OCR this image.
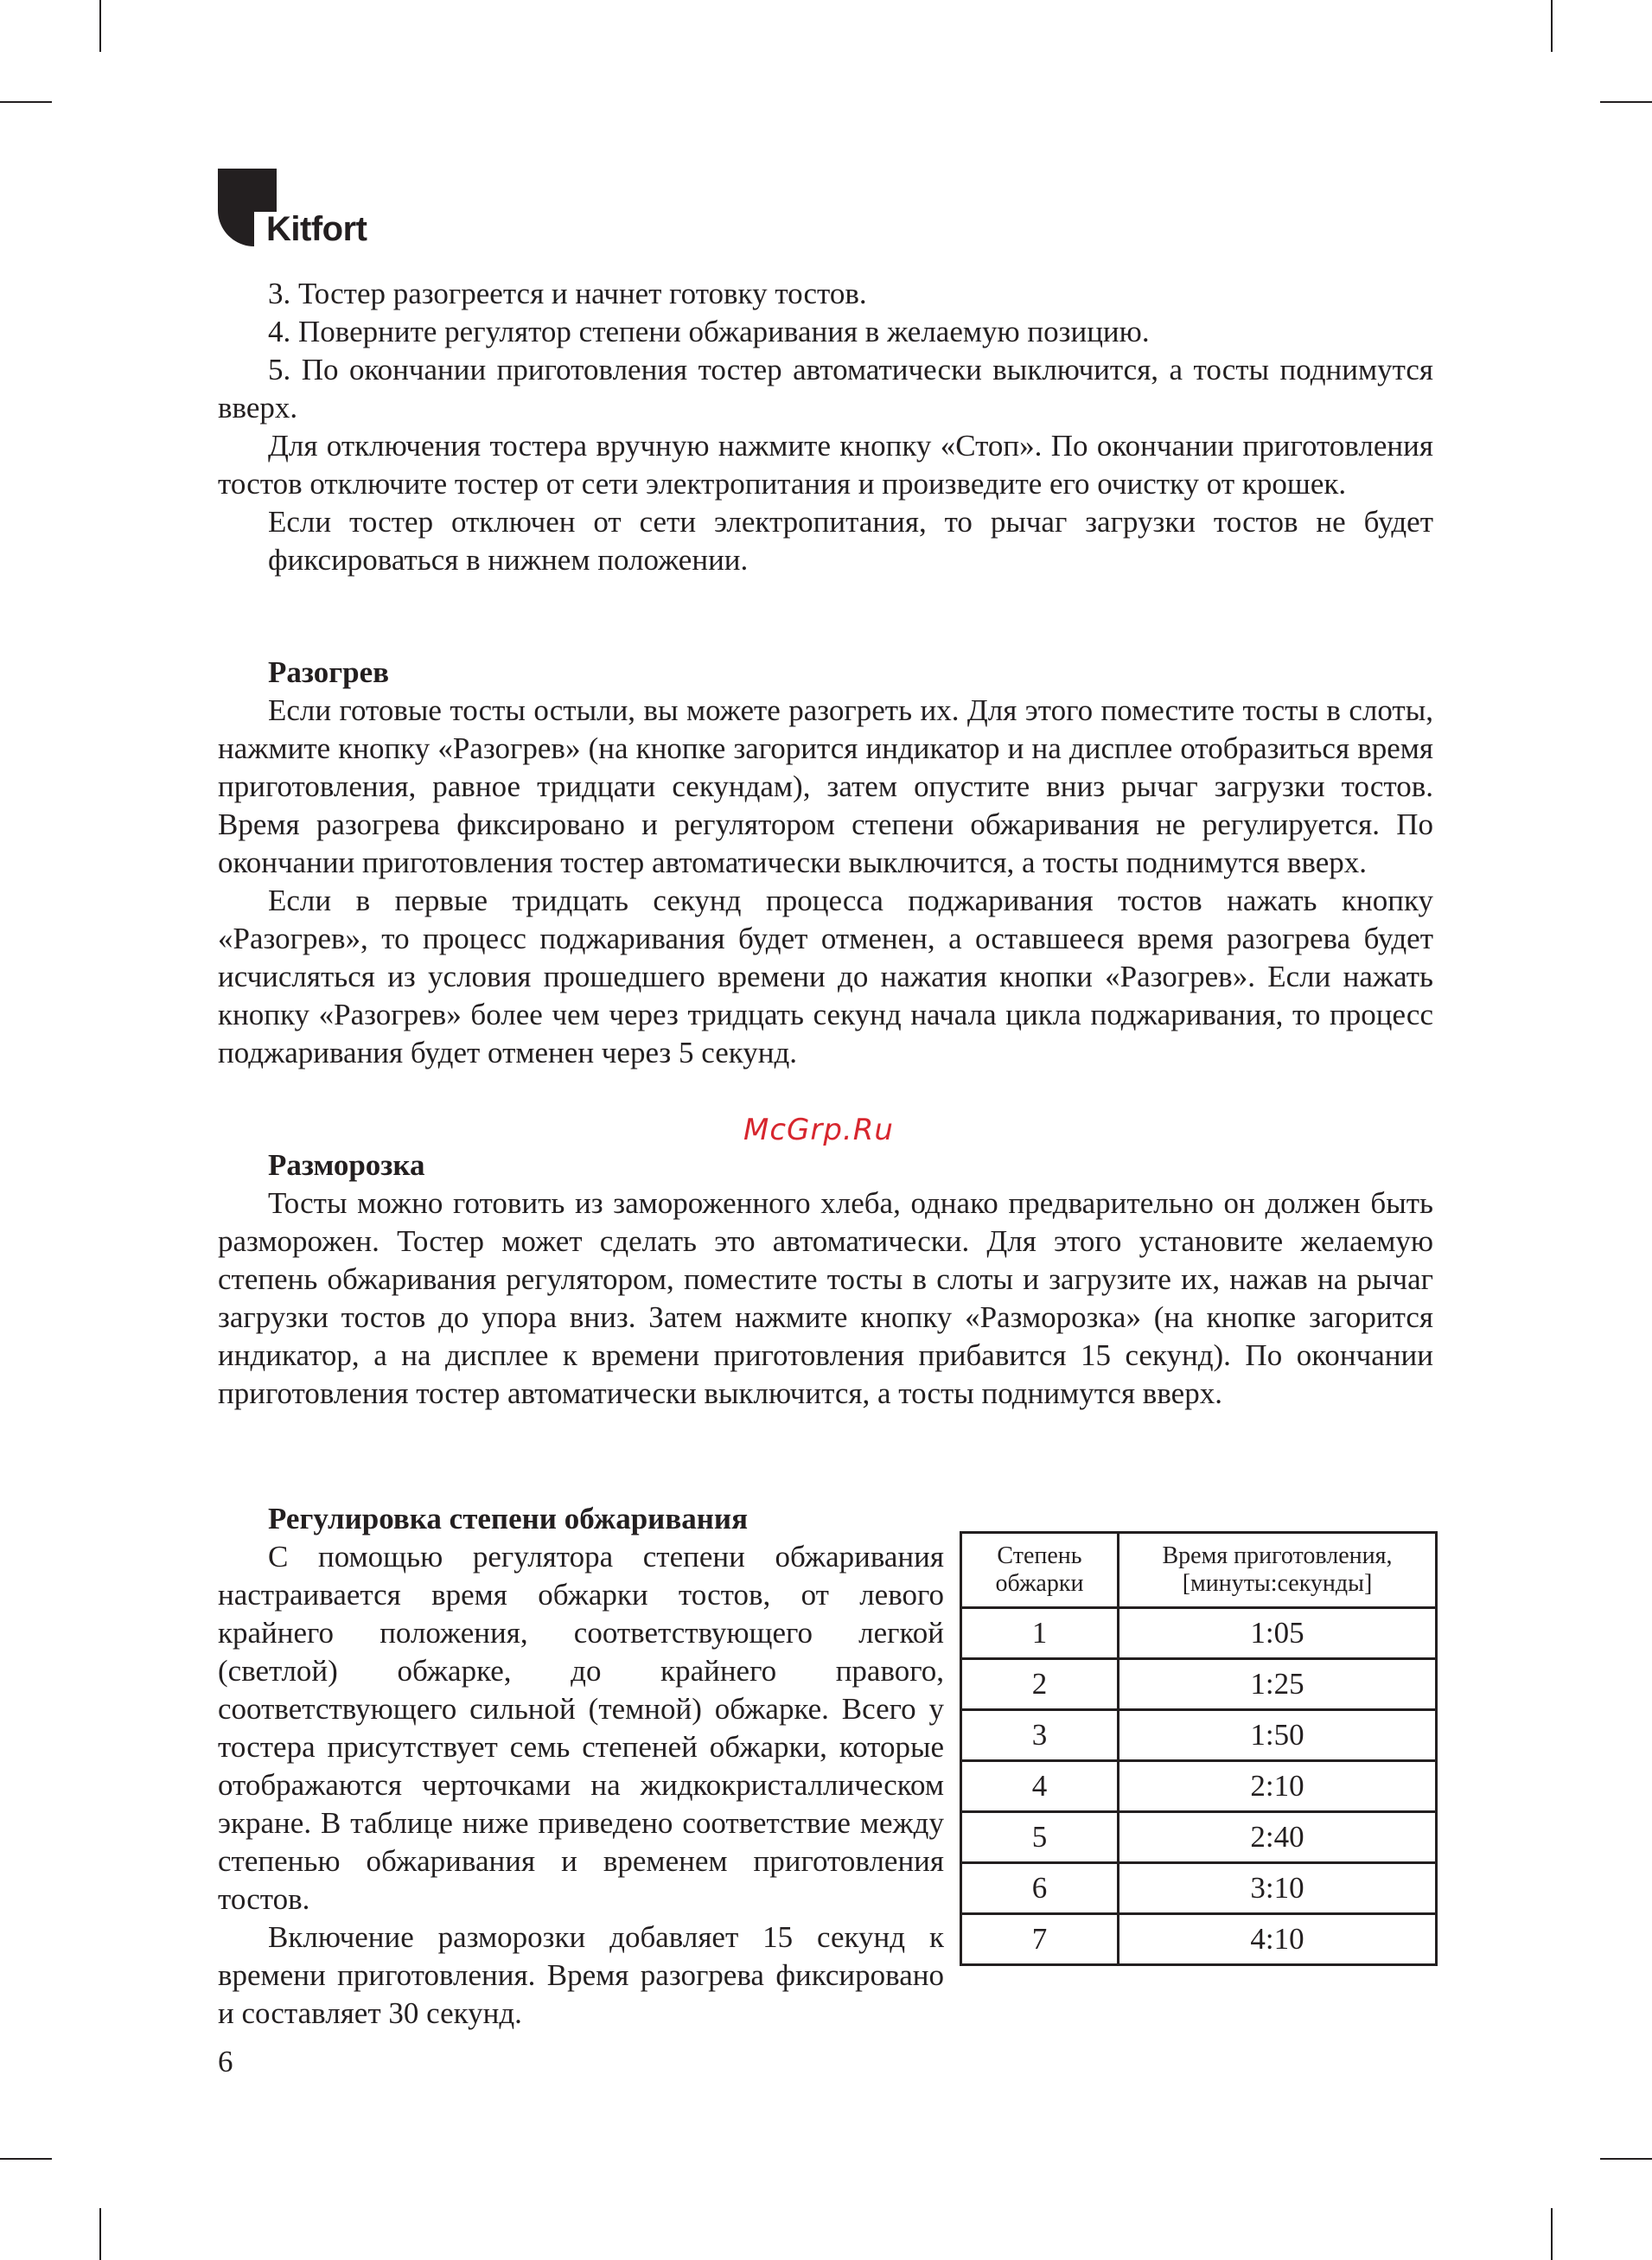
Kitfort

3. Тостер разогреется и начнет готовку тостов.

4. Поверните регулятор степени обжаривания в желаемую позицию.

5. По окончании приготовления тостер автоматически выключится, а тосты поднимутся вверх.

Для отключения тостера вручную нажмите кнопку «Стоп». По окончании приготовления тостов отключите тостер от сети электропитания и произведите его очистку от крошек.

Если тостер отключен от сети электропитания, то рычаг загрузки тостов не будет фиксироваться в нижнем положении.

Разогрев

Если готовые тосты остыли, вы можете разогреть их. Для этого поместите тосты в слоты, нажмите кнопку «Разогрев» (на кнопке загорится индикатор и на дисплее отобразиться время приготовления, равное тридцати секундам), затем опустите вниз рычаг загрузки тостов. Время разогрева фиксировано и регулятором степени обжаривания не регулируется. По окончании приготовления тостер автоматически выключится, а тосты поднимутся вверх.

Если в первые тридцать секунд процесса поджаривания тостов нажать кнопку «Разогрев», то процесс поджаривания будет отменен, а оставшееся время разогрева будет исчисляться из условия прошедшего времени до нажатия кнопки «Разогрев». Если нажать кнопку «Разогрев» более чем через тридцать секунд начала цикла поджаривания, то процесс поджаривания будет отменен через 5 секунд.

McGrp.Ru
Разморозка

Тосты можно готовить из замороженного хлеба, однако предварительно он должен быть разморожен. Тостер может сделать это автоматически. Для этого установите желаемую степень обжаривания регулятором, поместите тосты в слоты и загрузите их, нажав на рычаг загрузки тостов до упора вниз. Затем нажмите кнопку «Разморозка» (на кнопке загорится индикатор, а на дисплее к времени приготовления прибавится 15 секунд). По окончании приготовления тостер автоматически выключится, а тосты поднимутся вверх.

Регулировка степени обжаривания

С помощью регулятора степени обжаривания настраивается время обжарки тостов, от левого крайнего положения, соответствующего легкой (светлой) обжарке, до крайнего правого, соответствующего сильной (темной) обжарке. Всего у тостера присутствует семь степеней обжарки, которые отображаются черточками на жидкокристаллическом экране. В таблице ниже приведено соответствие между степенью обжаривания и временем приготовления тостов.

Включение разморозки добавляет 15 секунд к времени приготовления. Время разогрева фиксировано и составляет 30 секунд.

Степень обжарки	Время приготовления, [минуты:секунды]
1	1:05
2	1:25
3	1:50
4	2:10
5	2:40
6	3:10
7	4:10
6
